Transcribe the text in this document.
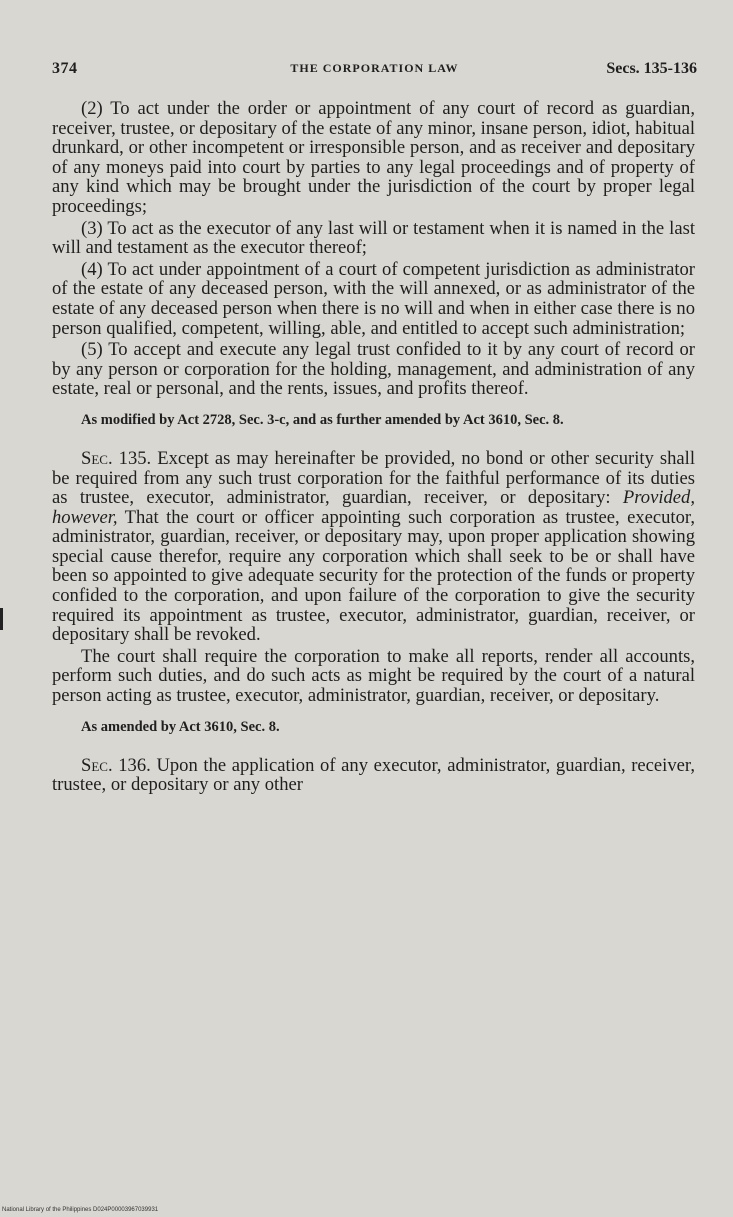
374	THE CORPORATION LAW	Secs. 135-136

(2) To act under the order or appointment of any court of record as guardian, receiver, trustee, or depositary of the estate of any minor, insane person, idiot, habitual drunkard, or other incompetent or irresponsible person, and as receiver and depositary of any moneys paid into court by parties to any legal proceedings and of property of any kind which may be brought under the jurisdiction of the court by proper legal proceedings;

(3) To act as the executor of any last will or testament when it is named in the last will and testament as the executor thereof;

(4) To act under appointment of a court of competent jurisdiction as administrator of the estate of any deceased person, with the will annexed, or as administrator of the estate of any deceased person when there is no will and when in either case there is no person qualified, competent, willing, able, and entitled to accept such administration;

(5) To accept and execute any legal trust confided to it by any court of record or by any person or corporation for the holding, management, and administration of any estate, real or personal, and the rents, issues, and profits thereof.

As modified by Act 2728, Sec. 3-c, and as further amended by Act 3610, Sec. 8.

Sec. 135. Except as may hereinafter be provided, no bond or other security shall be required from any such trust corporation for the faithful performance of its duties as trustee, executor, administrator, guardian, receiver, or depositary: Provided, however, That the court or officer appointing such corporation as trustee, executor, administrator, guardian, receiver, or depositary may, upon proper application showing special cause therefor, require any corporation which shall seek to be or shall have been so appointed to give adequate security for the protection of the funds or property confided to the corporation, and upon failure of the corporation to give the security required its appointment as trustee, executor, administrator, guardian, receiver, or depositary shall be revoked.

The court shall require the corporation to make all reports, render all accounts, perform such duties, and do such acts as might be required by the court of a natural person acting as trustee, executor, administrator, guardian, receiver, or depositary.

As amended by Act 3610, Sec. 8.

Sec. 136. Upon the application of any executor, administrator, guardian, receiver, trustee, or depositary or any other

National Library of the Philippines D024P00003967039931
